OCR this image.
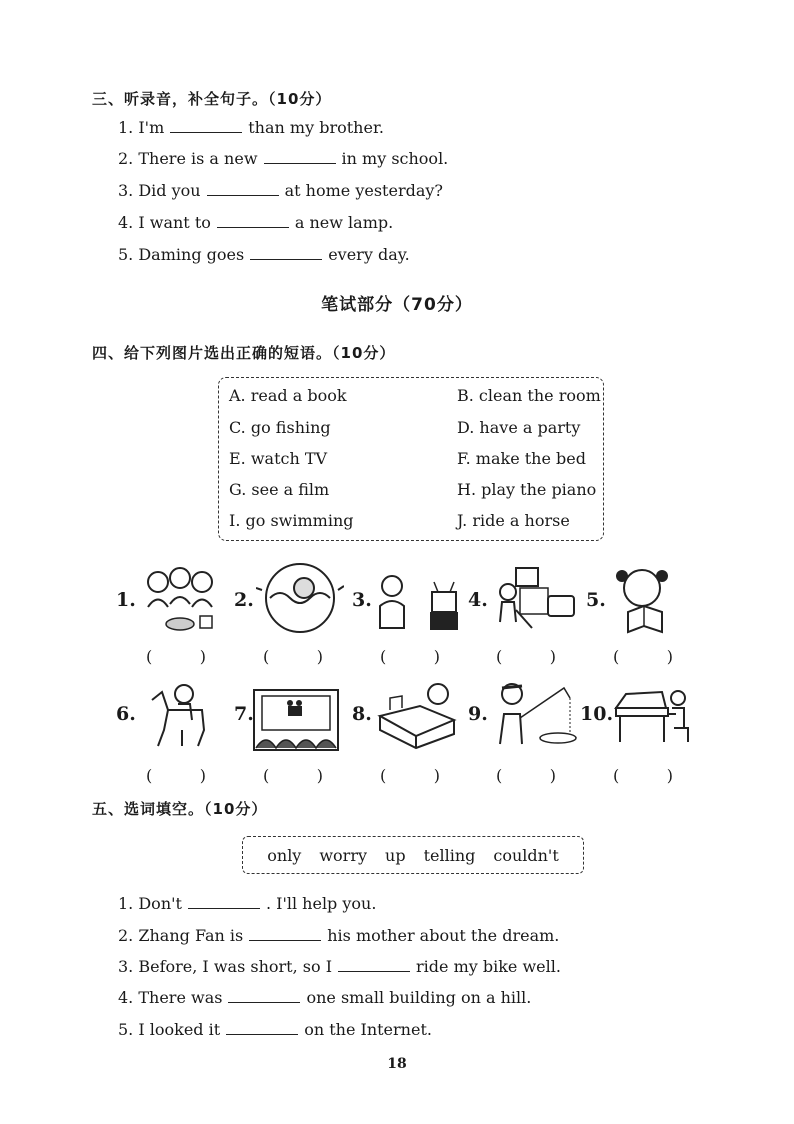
三、听录音，补全句子。（10分）
1. I'm	than my brother.
2. There is a new	in my school.
3. Did you	at home yesterday?
4. I want to	a new lamp.
5. Daming goes	every day.
笔试部分（70分）
四、给下列图片选出正确的短语。（10分）
A. read a book	B. clean the room
C. go fishing	D. have a party
E. watch TV	F. make the bed
G. see a film	H. play the piano
I. go swimming	J. ride a horse
1.	2.	3.	4.	5.
(	)	(	)	(	)	(	)	(	)
6.	7.	8.	9.	10.
(	)	(	)	(	)	(	)	(	)
五、选词填空。（10分）
only worry up telling couldn't
1. Don't	. I'll help you.
2. Zhang Fan is	his mother about the dream.
3. Before, I was short, so I	ride my bike well.
4. There was	one small building on a hill.
5. I looked it	on the Internet.
18
